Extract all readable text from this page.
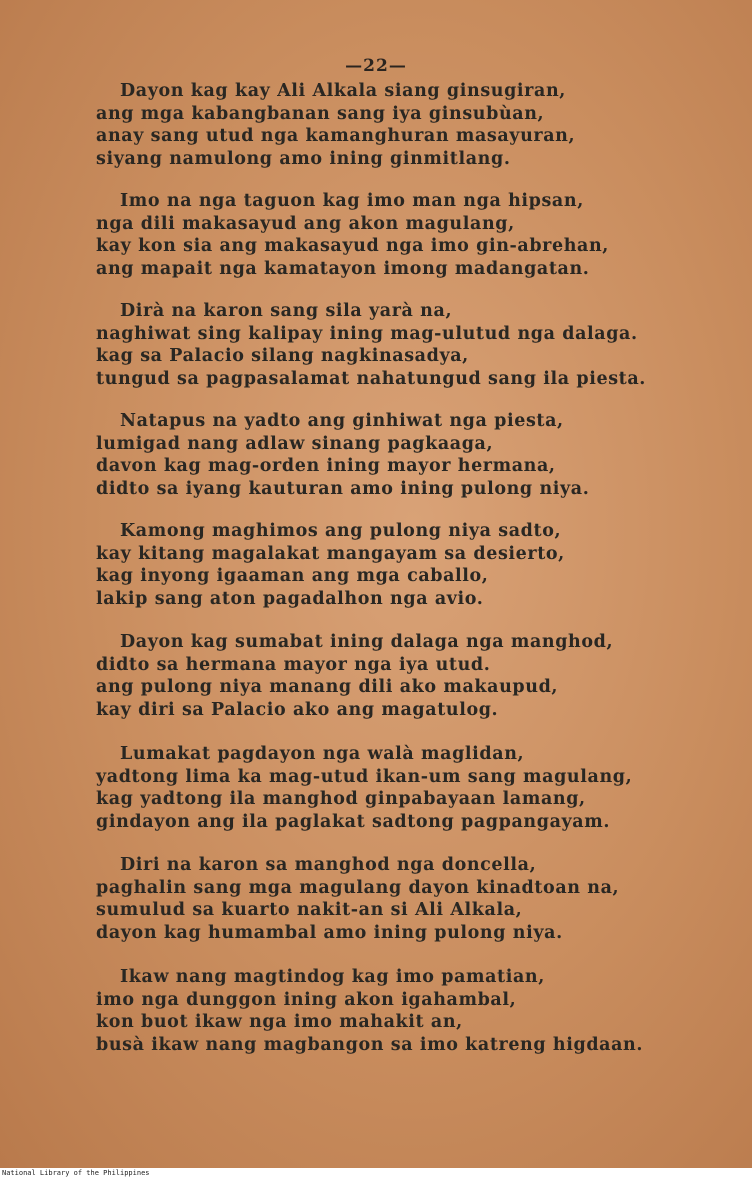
—22—
Dayon kag kay Ali Alkala siang ginsugiran,
ang mga kabangbanan sang iya ginsubùan,
anay sang utud nga kamanghuran masayuran,
siyang namulong amo ining ginmitlang.
Imo na nga taguon kag imo man nga hipsan,
nga dili makasayud ang akon magulang,
kay kon sia ang makasayud nga imo gin-abrehan,
ang mapait nga kamatayon imong madangatan.
Dirà na karon sang sila yarà na,
naghiwat sing kalipay ining mag-ulutud nga dalaga.
kag sa Palacio silang nagkinasadya,
tungud sa pagpasalamat nahatungud sang ila piesta.
Natapus na yadto ang ginhiwat nga piesta,
lumigad nang adlaw sinang pagkaaga,
davon kag mag-orden ining mayor hermana,
didto sa iyang kauturan amo ining pulong niya.
Kamong maghimos ang pulong niya sadto,
kay kitang magalakat mangayam sa desierto,
kag inyong igaaman ang mga caballo,
lakip sang aton pagadalhon nga avio.
Dayon kag sumabat ining dalaga nga manghod,
didto sa hermana mayor nga iya utud.
ang pulong niya manang dili ako makaupud,
kay diri sa Palacio ako ang magatulog.
Lumakat pagdayon nga walà maglidan,
yadtong lima ka mag-utud ikan-um sang magulang,
kag yadtong ila manghod ginpabayaan lamang,
gindayon ang ila paglakat sadtong pagpangayam.
Diri na karon sa manghod nga doncella,
paghalin sang mga magulang dayon kinadtoan na,
sumulud sa kuarto nakit-an si Ali Alkala,
dayon kag humambal amo ining pulong niya.
Ikaw nang magtindog kag imo pamatian,
imo nga dunggon ining akon igahambal,
kon buot ikaw nga imo mahakit an,
busà ikaw nang magbangon sa imo katreng higdaan.
National Library of the Philippines
